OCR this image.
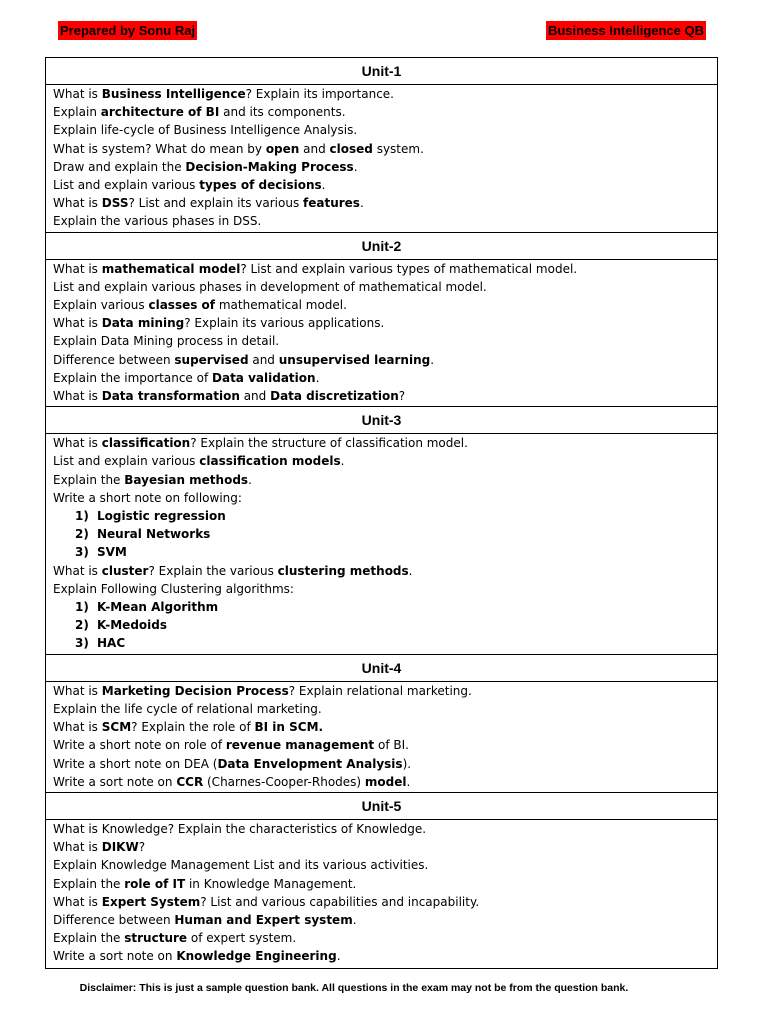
Prepared by Sonu Raj	Business Intelligence QB
Unit-1
What is Business Intelligence? Explain its importance.
Explain architecture of BI and its components.
Explain life-cycle of Business Intelligence Analysis.
What is system? What do mean by open and closed system.
Draw and explain the Decision-Making Process.
List and explain various types of decisions.
What is DSS? List and explain its various features.
Explain the various phases in DSS.
Unit-2
What is mathematical model? List and explain various types of mathematical model.
List and explain various phases in development of mathematical model.
Explain various classes of mathematical model.
What is Data mining? Explain its various applications.
Explain Data Mining process in detail.
Difference between supervised and unsupervised learning.
Explain the importance of Data validation.
What is Data transformation and Data discretization?
Unit-3
What is classification? Explain the structure of classification model.
List and explain various classification models.
Explain the Bayesian methods.
Write a short note on following:
1) Logistic regression
2) Neural Networks
3) SVM
What is cluster? Explain the various clustering methods.
Explain Following Clustering algorithms:
1) K-Mean Algorithm
2) K-Medoids
3) HAC
Unit-4
What is Marketing Decision Process? Explain relational marketing.
Explain the life cycle of relational marketing.
What is SCM? Explain the role of BI in SCM.
Write a short note on role of revenue management of BI.
Write a short note on DEA (Data Envelopment Analysis).
Write a sort note on CCR (Charnes-Cooper-Rhodes) model.
Unit-5
What is Knowledge? Explain the characteristics of Knowledge.
What is DIKW?
Explain Knowledge Management List and its various activities.
Explain the role of IT in Knowledge Management.
What is Expert System? List and various capabilities and incapability.
Difference between Human and Expert system.
Explain the structure of expert system.
Write a sort note on Knowledge Engineering.
Disclaimer: This is just a sample question bank. All questions in the exam may not be from the question bank.
